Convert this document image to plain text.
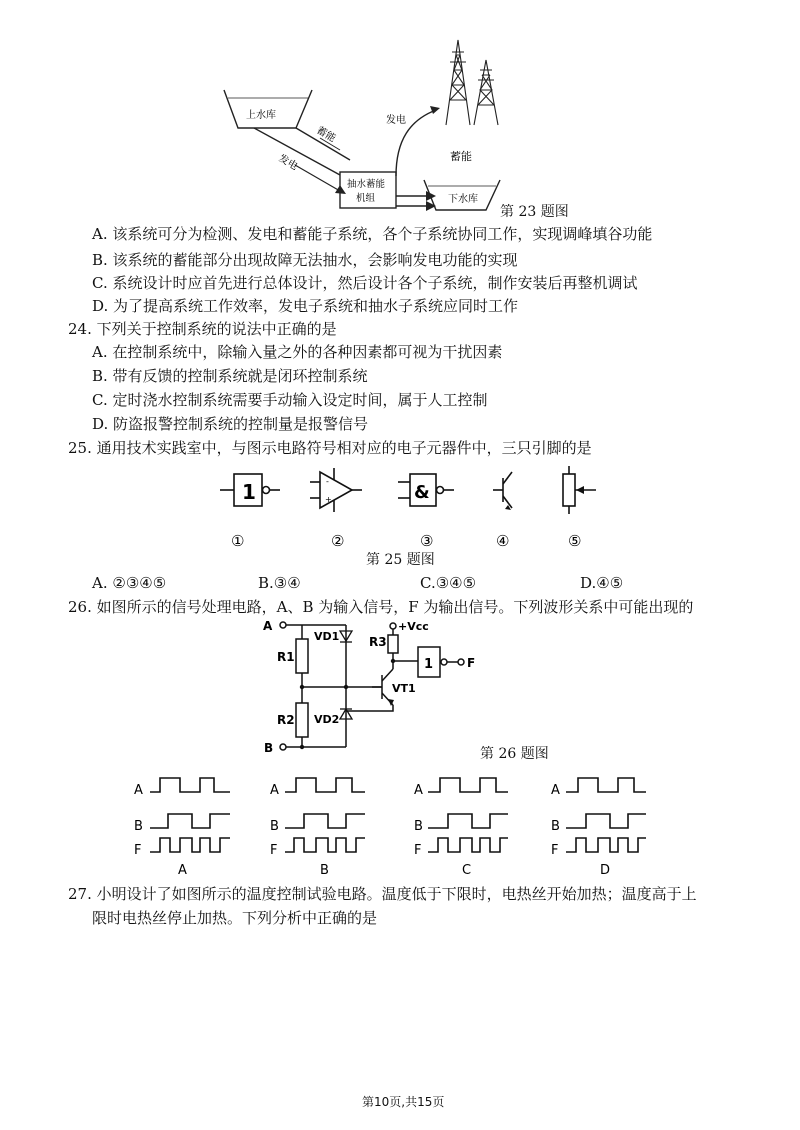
上水库
蓄能
发电
发电
蓄能
抽水蓄能
机组	下水库
第 23 题图
A. 该系统可分为检测、发电和蓄能子系统，各个子系统协同工作，实现调峰填谷功能
B. 该系统的蓄能部分出现故障无法抽水，会影响发电功能的实现
C. 系统设计时应首先进行总体设计，然后设计各个子系统，制作安装后再整机调试
D. 为了提高系统工作效率，发电子系统和抽水子系统应同时工作
24. 下列关于控制系统的说法中正确的是
A. 在控制系统中，除输入量之外的各种因素都可视为干扰因素
B. 带有反馈的控制系统就是闭环控制系统
C. 定时浇水控制系统需要手动输入设定时间，属于人工控制
D. 防盗报警控制系统的控制量是报警信号
25. 通用技术实践室中，与图示电路符号相对应的电子元器件中，三只引脚的是
-
+
1	&
①	②	③	④	⑤
第 25 题图
A. ②③④⑤	B.③④	C.③④⑤	D.④⑤
26. 如图所示的信号处理电路，A、B 为输入信号，F 为输出信号。下列波形关系中可能出现的
A
B
F
R1
R2
R3
VD1
VD2
VT1
+Vcc
1
第 26 题图
A
B
F
A
A
B
F
B
A
B
F
C
A
B
F
D
27. 小明设计了如图所示的温度控制试验电路。温度低于下限时，电热丝开始加热；温度高于上
限时电热丝停止加热。下列分析中正确的是
第10页,共15页
